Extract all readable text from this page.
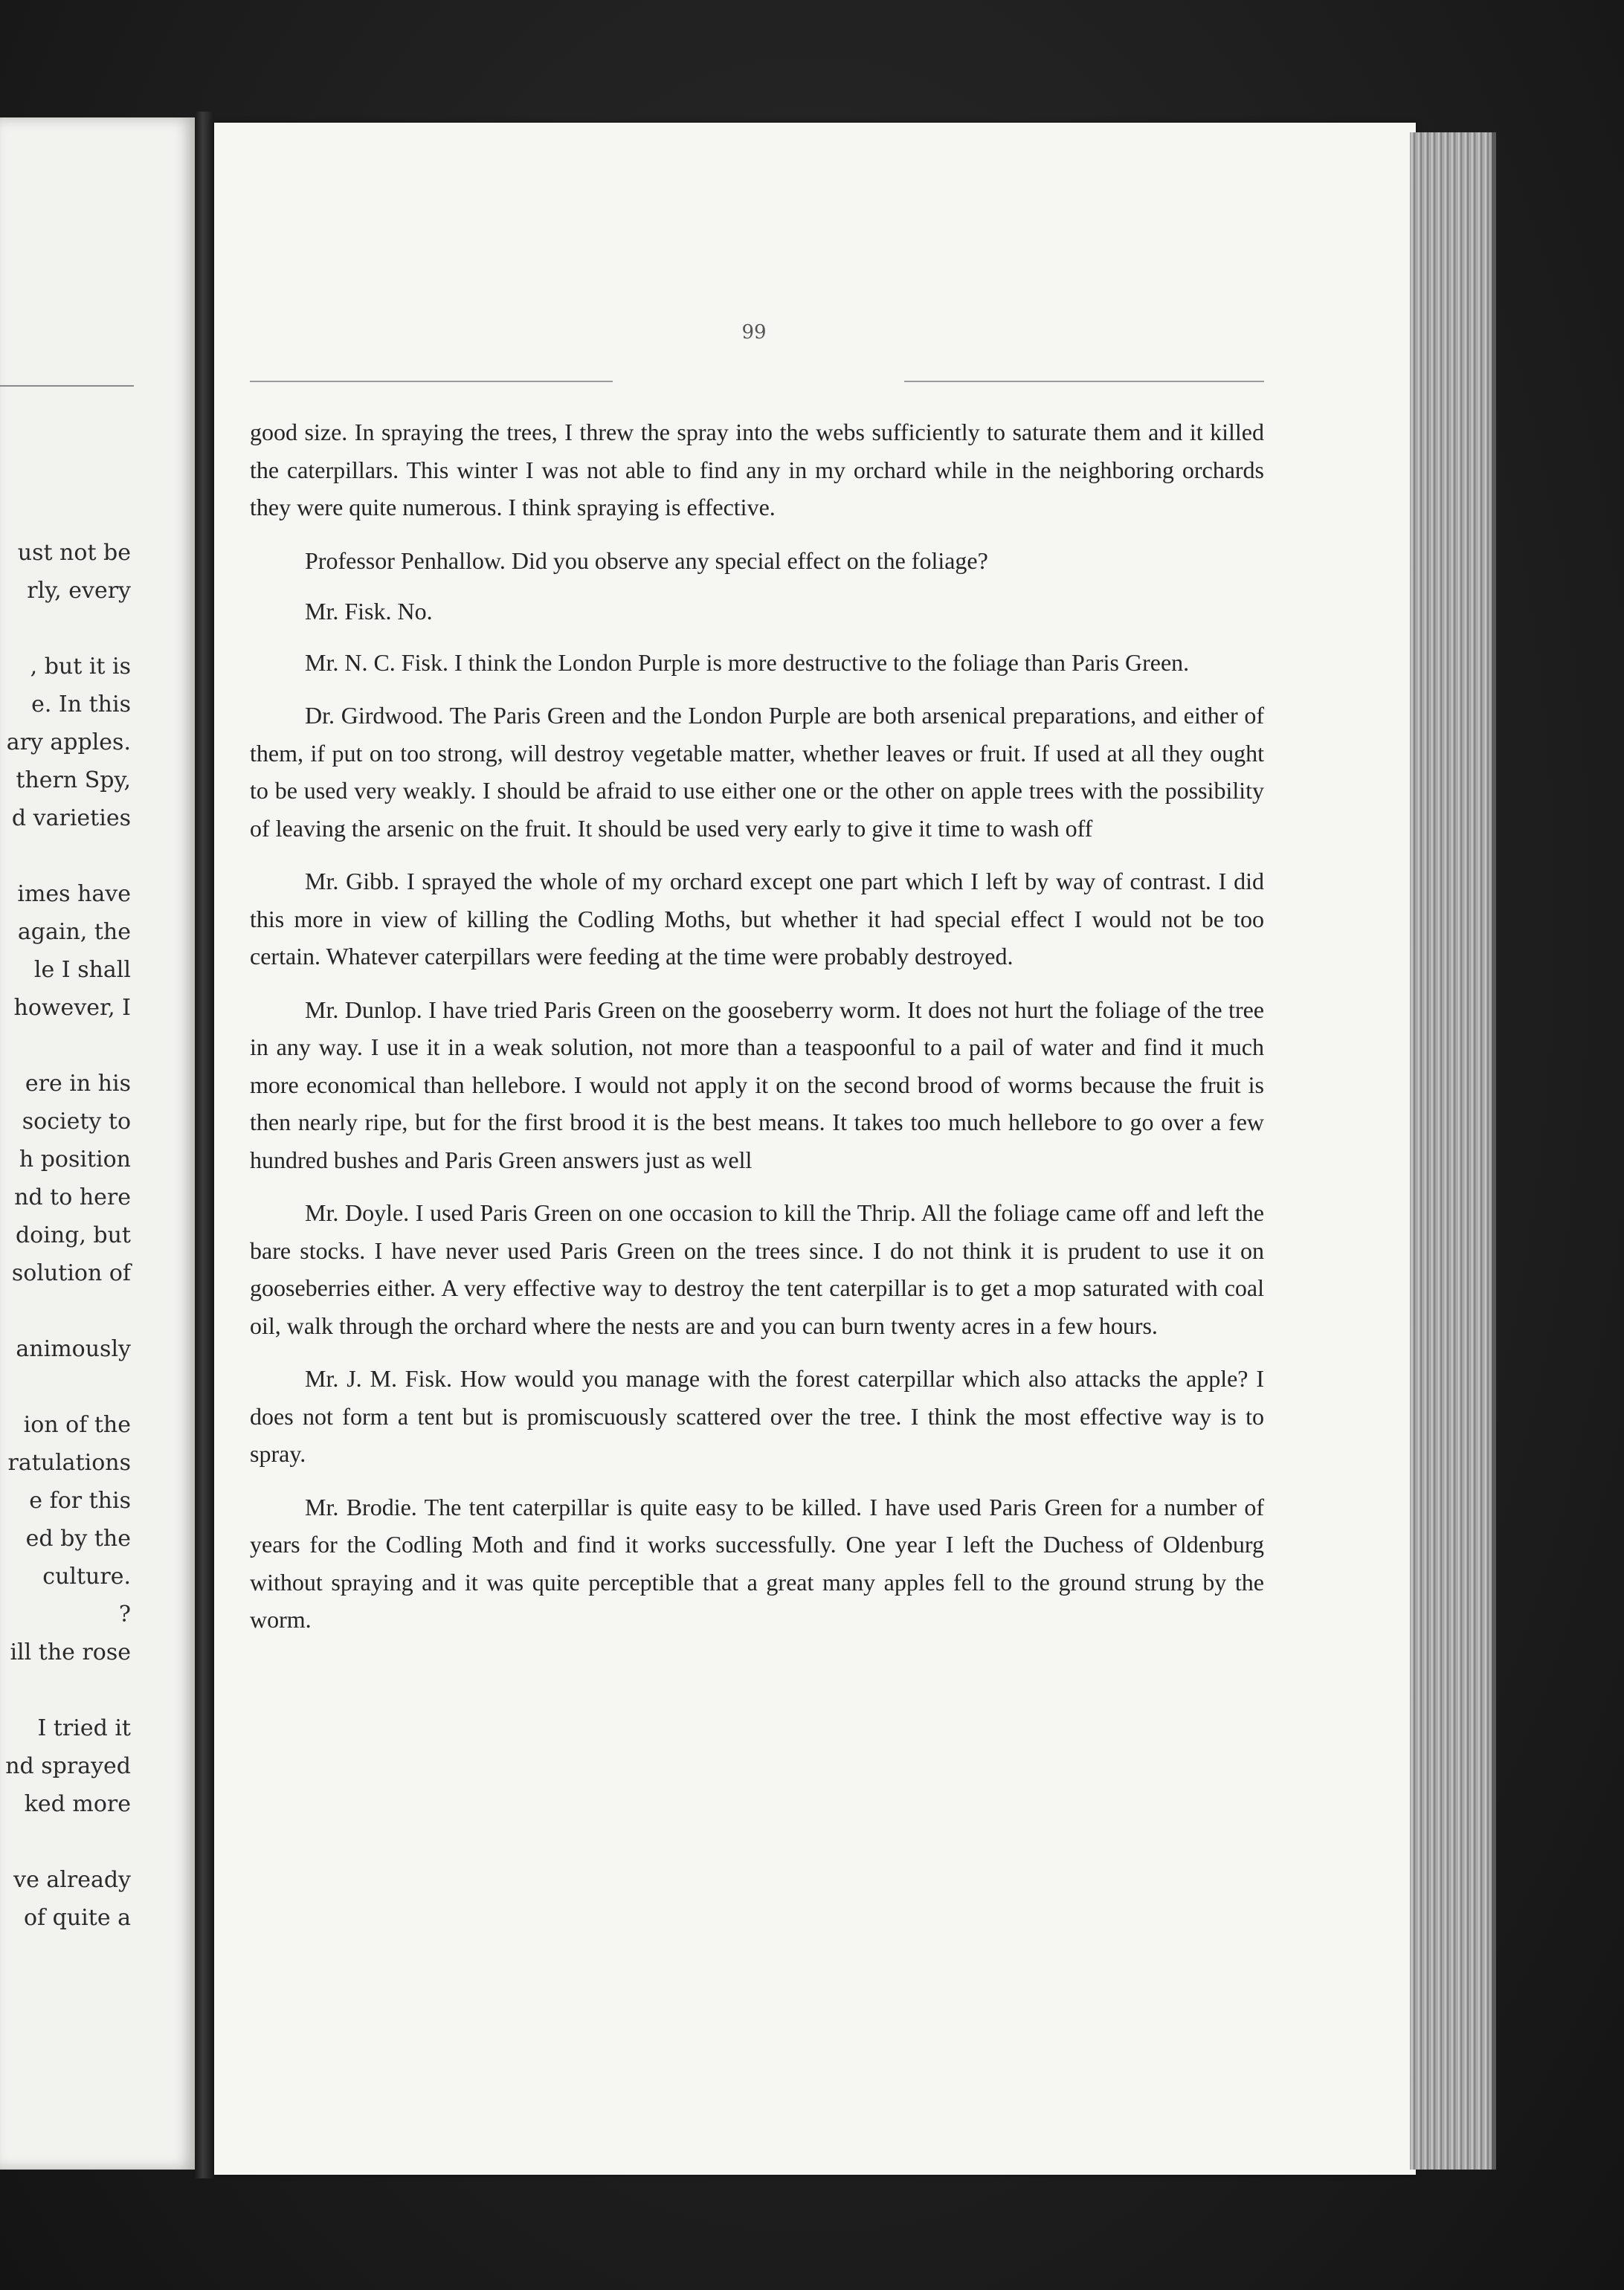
ust not be
rly, every

, but it is
e. In this
ary apples.
thern Spy,
d varieties

imes have
again, the
le I shall
however, I

ere in his
society to
h position
nd to here
doing, but
solution of

animously

ion of the
ratulations
e for this
ed by the
culture.
?
ill the rose

I tried it
nd sprayed
ked more

ve already
of quite a
99

good size. In spraying the trees, I threw the spray into the webs sufficiently to saturate them and it killed the caterpillars. This winter I was not able to find any in my orchard while in the neighboring orchards they were quite numerous. I think spraying is effective.

Professor Penhallow. Did you observe any special effect on the foliage?

Mr. Fisk. No.

Mr. N. C. Fisk. I think the London Purple is more destructive to the foliage than Paris Green.

Dr. Girdwood. The Paris Green and the London Purple are both arsenical preparations, and either of them, if put on too strong, will destroy vegetable matter, whether leaves or fruit. If used at all they ought to be used very weakly. I should be afraid to use either one or the other on apple trees with the possibility of leaving the arsenic on the fruit. It should be used very early to give it time to wash off

Mr. Gibb. I sprayed the whole of my orchard except one part which I left by way of contrast. I did this more in view of killing the Codling Moths, but whether it had special effect I would not be too certain. Whatever caterpillars were feeding at the time were probably destroyed.

Mr. Dunlop. I have tried Paris Green on the gooseberry worm. It does not hurt the foliage of the tree in any way. I use it in a weak solution, not more than a teaspoonful to a pail of water and find it much more economical than hellebore. I would not apply it on the second brood of worms because the fruit is then nearly ripe, but for the first brood it is the best means. It takes too much hellebore to go over a few hundred bushes and Paris Green answers just as well

Mr. Doyle. I used Paris Green on one occasion to kill the Thrip. All the foliage came off and left the bare stocks. I have never used Paris Green on the trees since. I do not think it is prudent to use it on gooseberries either. A very effective way to destroy the tent caterpillar is to get a mop saturated with coal oil, walk through the orchard where the nests are and you can burn twenty acres in a few hours.

Mr. J. M. Fisk. How would you manage with the forest caterpillar which also attacks the apple? I does not form a tent but is promiscuously scattered over the tree. I think the most effective way is to spray.

Mr. Brodie. The tent caterpillar is quite easy to be killed. I have used Paris Green for a number of years for the Codling Moth and find it works successfully. One year I left the Duchess of Oldenburg without spraying and it was quite perceptible that a great many apples fell to the ground strung by the worm.
